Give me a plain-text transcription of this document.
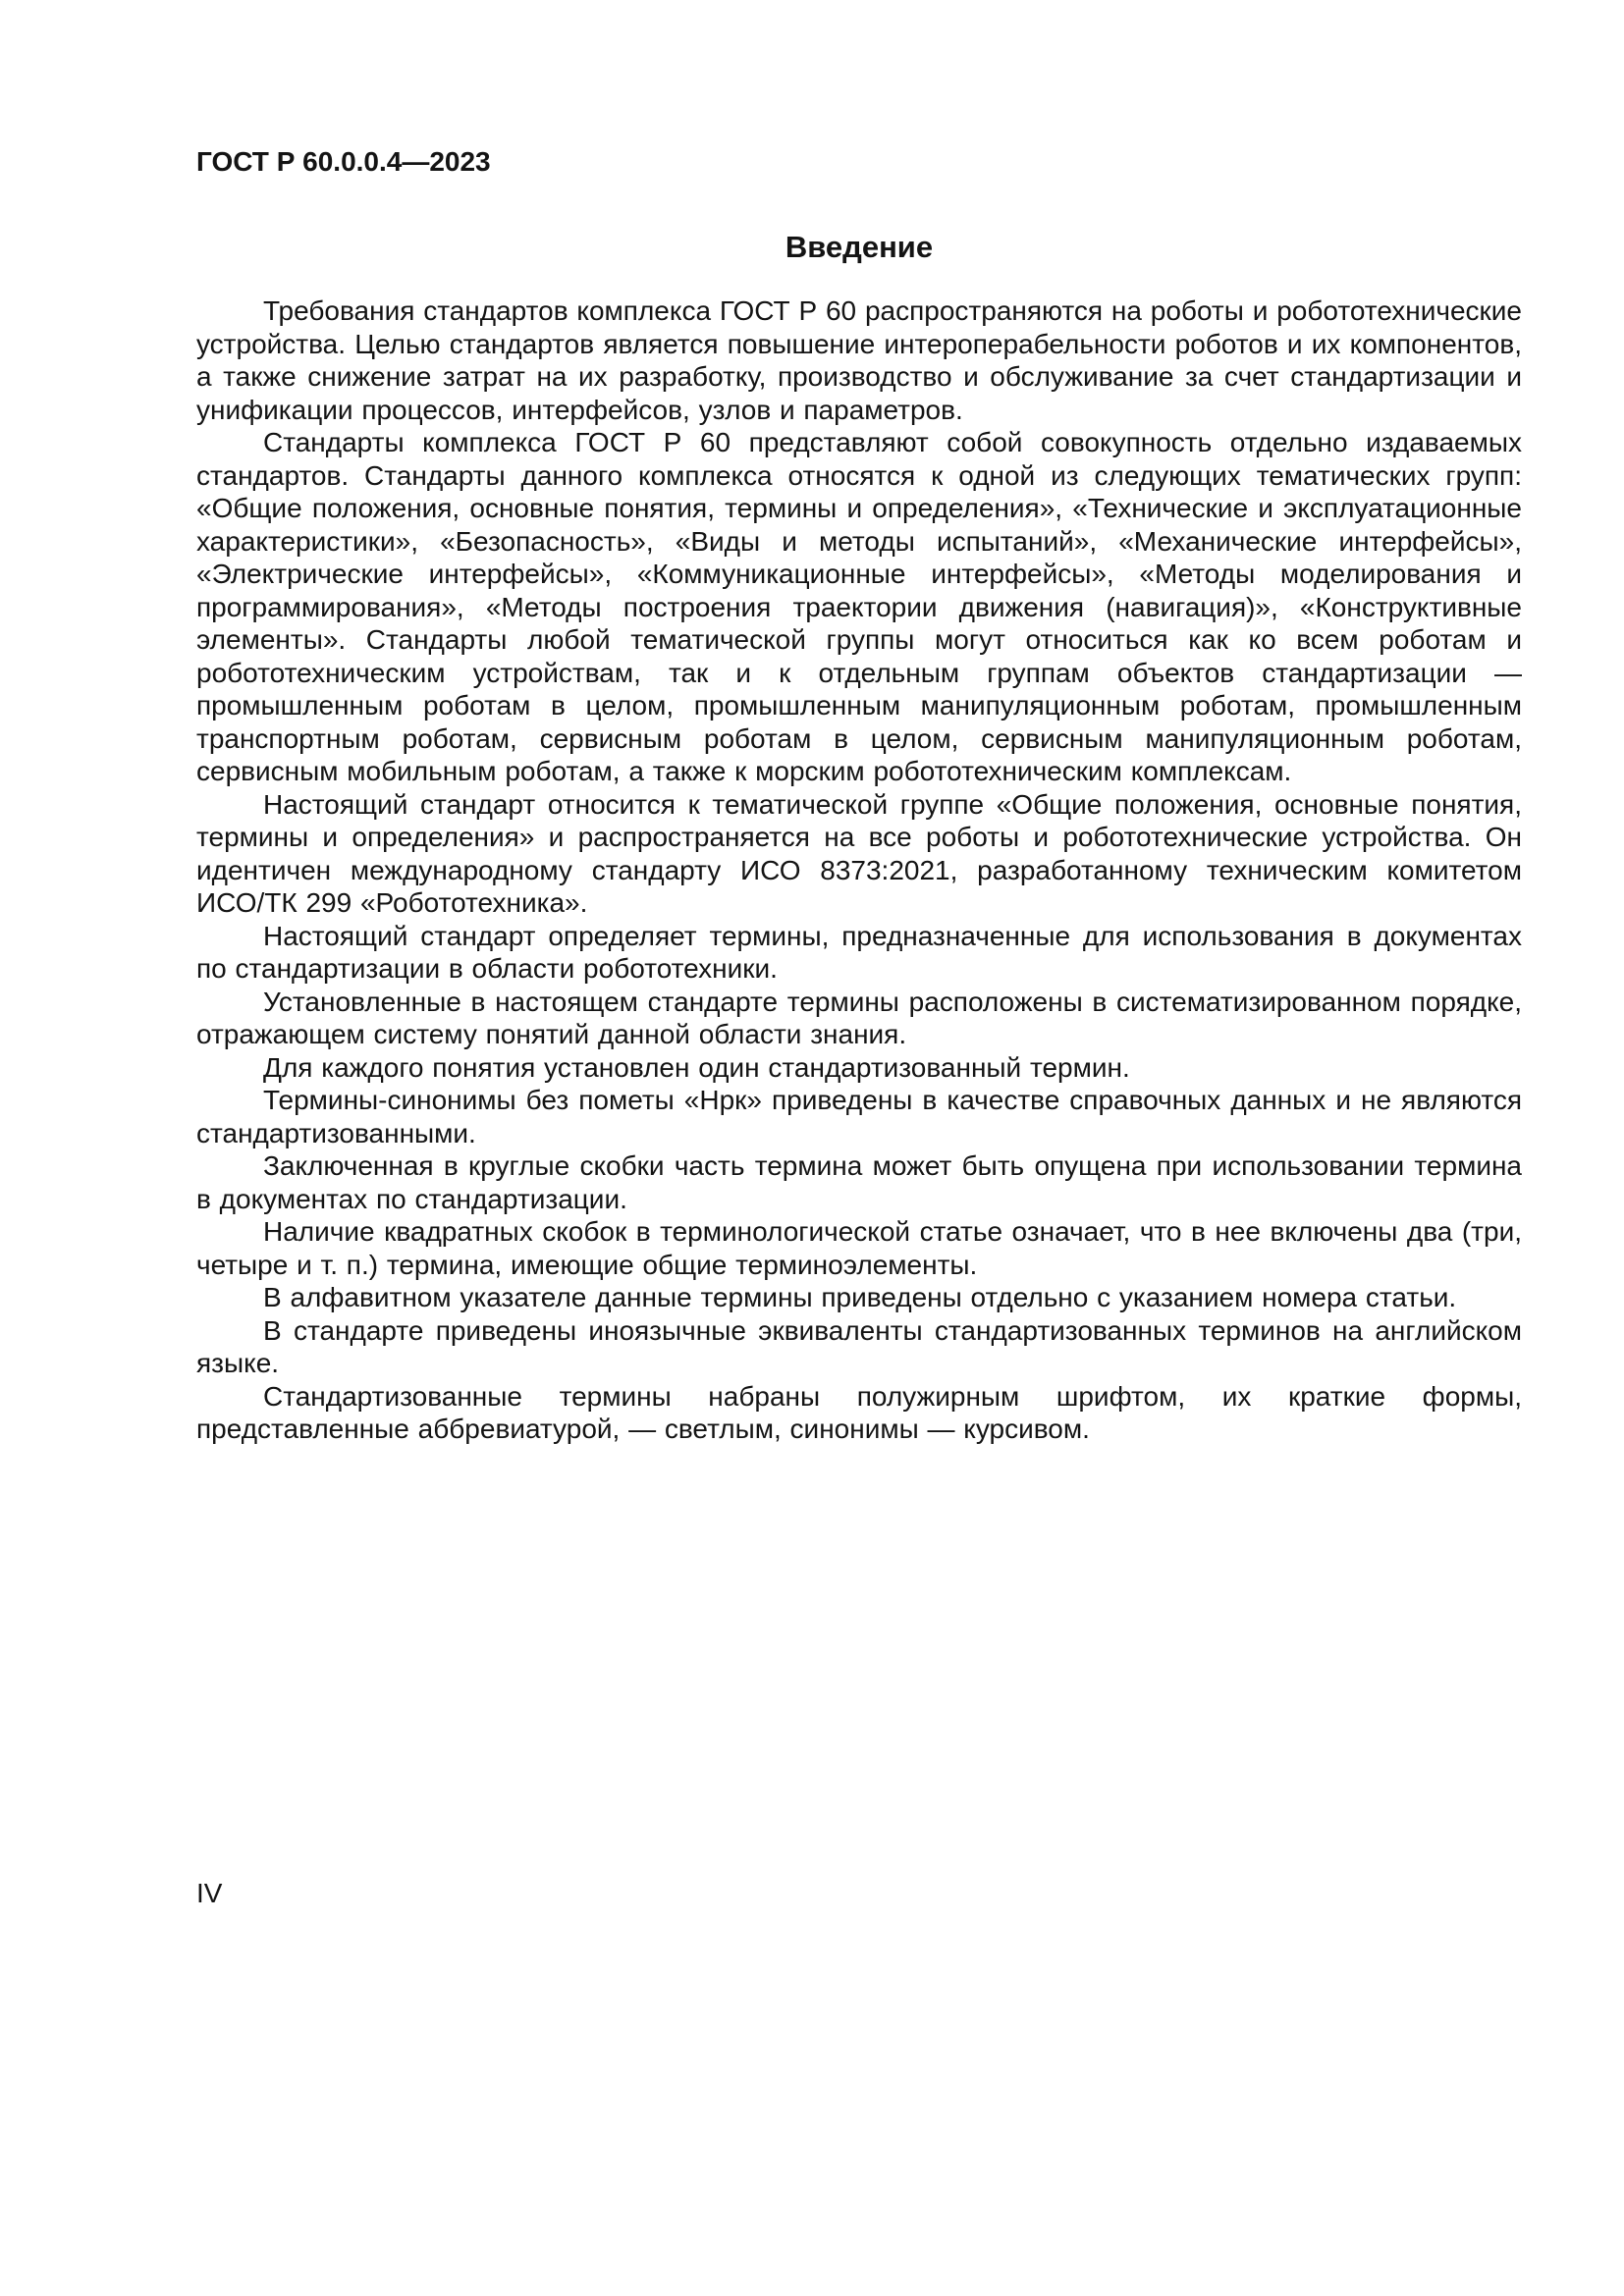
ГОСТ Р 60.0.0.4—2023

Введение

Требования стандартов комплекса ГОСТ Р 60 распространяются на роботы и робототехнические устройства. Целью стандартов является повышение интероперабельности роботов и их компонентов, а также снижение затрат на их разработку, производство и обслуживание за счет стандартизации и унификации процессов, интерфейсов, узлов и параметров.

Стандарты комплекса ГОСТ Р 60 представляют собой совокупность отдельно издаваемых стандартов. Стандарты данного комплекса относятся к одной из следующих тематических групп: «Общие положения, основные понятия, термины и определения», «Технические и эксплуатационные характеристики», «Безопасность», «Виды и методы испытаний», «Механические интерфейсы», «Электрические интерфейсы», «Коммуникационные интерфейсы», «Методы моделирования и программирования», «Методы построения траектории движения (навигация)», «Конструктивные элементы». Стандарты любой тематической группы могут относиться как ко всем роботам и робототехническим устройствам, так и к отдельным группам объектов стандартизации — промышленным роботам в целом, промышленным манипуляционным роботам, промышленным транспортным роботам, сервисным роботам в целом, сервисным манипуляционным роботам, сервисным мобильным роботам, а также к морским робототехническим комплексам.

Настоящий стандарт относится к тематической группе «Общие положения, основные понятия, термины и определения» и распространяется на все роботы и робототехнические устройства. Он идентичен международному стандарту ИСО 8373:2021, разработанному техническим комитетом ИСО/ТК 299 «Робототехника».

Настоящий стандарт определяет термины, предназначенные для использования в документах по стандартизации в области робототехники.

Установленные в настоящем стандарте термины расположены в систематизированном порядке, отражающем систему понятий данной области знания.

Для каждого понятия установлен один стандартизованный термин.

Термины-синонимы без пометы «Нрк» приведены в качестве справочных данных и не являются стандартизованными.

Заключенная в круглые скобки часть термина может быть опущена при использовании термина в документах по стандартизации.

Наличие квадратных скобок в терминологической статье означает, что в нее включены два (три, четыре и т. п.) термина, имеющие общие терминоэлементы.

В алфавитном указателе данные термины приведены отдельно с указанием номера статьи.

В стандарте приведены иноязычные эквиваленты стандартизованных терминов на английском языке.

Стандартизованные термины набраны полужирным шрифтом, их краткие формы, представленные аббревиатурой, — светлым, синонимы — курсивом.

IV
